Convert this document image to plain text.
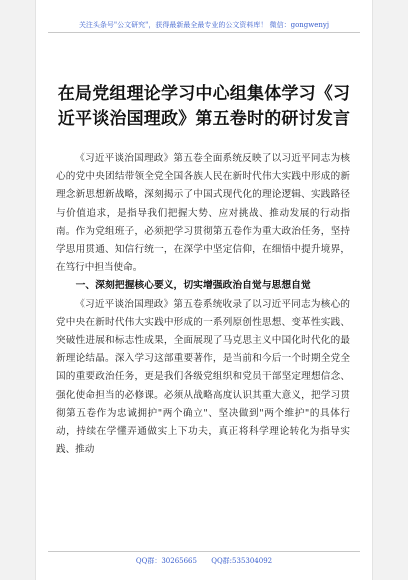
关注头条号"公文研究"，获得最新最全最专业的公文资料库！ 微信：gongwenyj
在局党组理论学习中心组集体学习《习近平谈治国理政》第五卷时的研讨发言

《习近平谈治国理政》第五卷全面系统反映了以习近平同志为核心的党中央团结带领全党全国各族人民在新时代伟大实践中形成的新理念新思想新战略，深刻揭示了中国式现代化的理论逻辑、实践路径与价值追求，是指导我们把握大势、应对挑战、推动发展的行动指南。作为党组班子，必须把学习贯彻第五卷作为重大政治任务，坚持学思用贯通、知信行统一，在深学中坚定信仰，在细悟中提升境界，在笃行中担当使命。

一、深刻把握核心要义，切实增强政治自觉与思想自觉

《习近平谈治国理政》第五卷系统收录了以习近平同志为核心的党中央在新时代伟大实践中形成的一系列原创性思想、变革性实践、突破性进展和标志性成果，全面展现了马克思主义中国化时代化的最新理论结晶。深入学习这部重要著作，是当前和今后一个时期全党全国的重要政治任务，更是我们各级党组织和党员干部坚定理想信念、强化使命担当的必修课。必须从战略高度认识其重大意义，把学习贯彻第五卷作为忠诚拥护"两个确立"、坚决做到"两个维护"的具体行动，持续在学懂弄通做实上下功夫，真正将科学理论转化为指导实践、推动

QQ群：30265665 QQ群:535304092
